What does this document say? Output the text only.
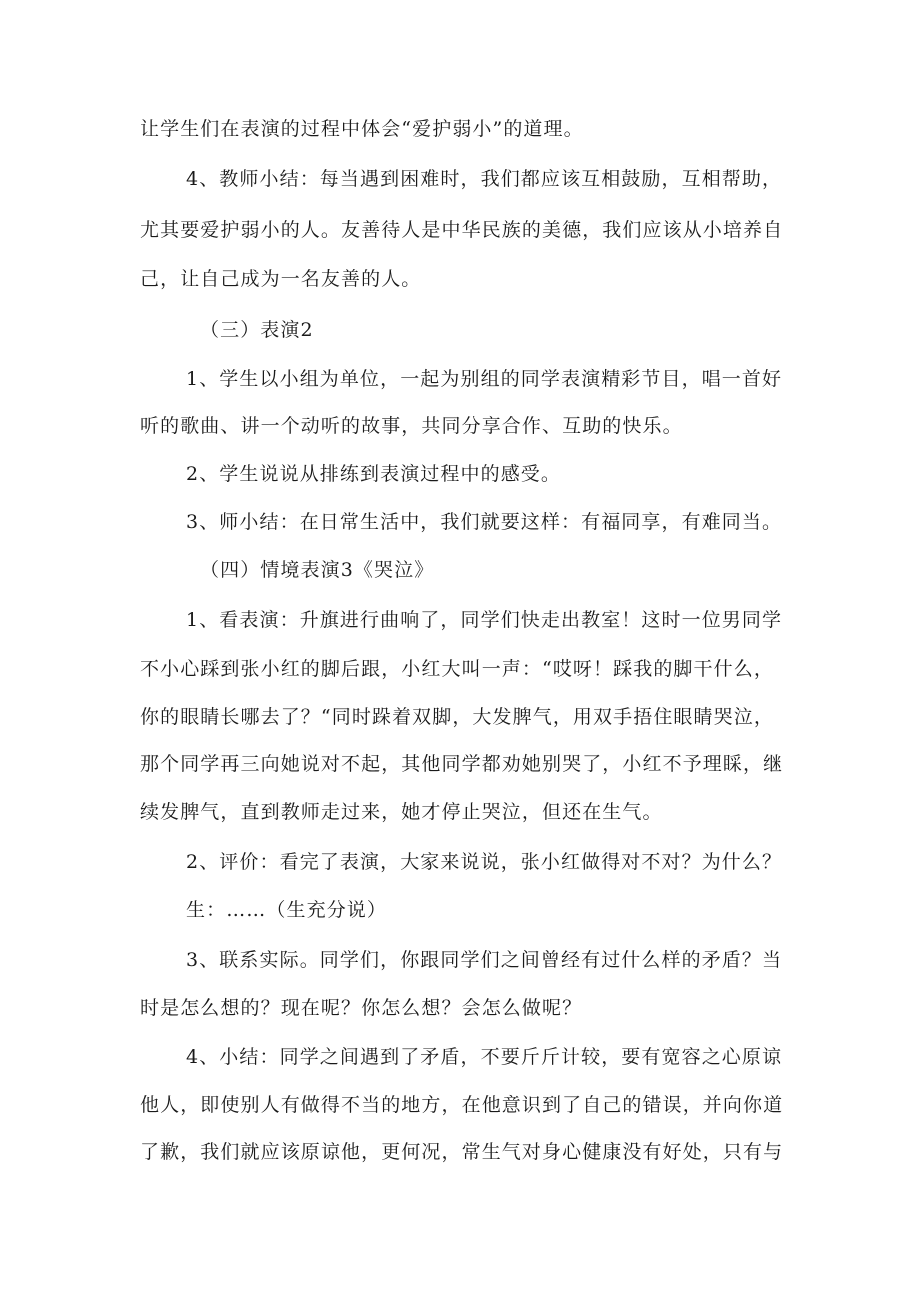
让学生们在表演的过程中体会“爱护弱小”的道理。
4、教师小结：每当遇到困难时，我们都应该互相鼓励，互相帮助，
尤其要爱护弱小的人。友善待人是中华民族的美德，我们应该从小培养自
己，让自己成为一名友善的人。
（三）表演2
1、学生以小组为单位，一起为别组的同学表演精彩节目，唱一首好
听的歌曲、讲一个动听的故事，共同分享合作、互助的快乐。
2、学生说说从排练到表演过程中的感受。
3、师小结：在日常生活中，我们就要这样：有福同享，有难同当。
（四）情境表演3《哭泣》
1、看表演：升旗进行曲响了，同学们快走出教室！这时一位男同学
不小心踩到张小红的脚后跟，小红大叫一声：“哎呀！踩我的脚干什么，
你的眼睛长哪去了？“同时跺着双脚，大发脾气，用双手捂住眼睛哭泣，
那个同学再三向她说对不起，其他同学都劝她别哭了，小红不予理睬，继
续发脾气，直到教师走过来，她才停止哭泣，但还在生气。
2、评价：看完了表演，大家来说说，张小红做得对不对？为什么？
生：……（生充分说）
3、联系实际。同学们，你跟同学们之间曾经有过什么样的矛盾？当
时是怎么想的？现在呢？你怎么想？会怎么做呢？
4、小结：同学之间遇到了矛盾，不要斤斤计较，要有宽容之心原谅
他人，即使别人有做得不当的地方，在他意识到了自己的错误，并向你道
了歉，我们就应该原谅他，更何况，常生气对身心健康没有好处，只有与
